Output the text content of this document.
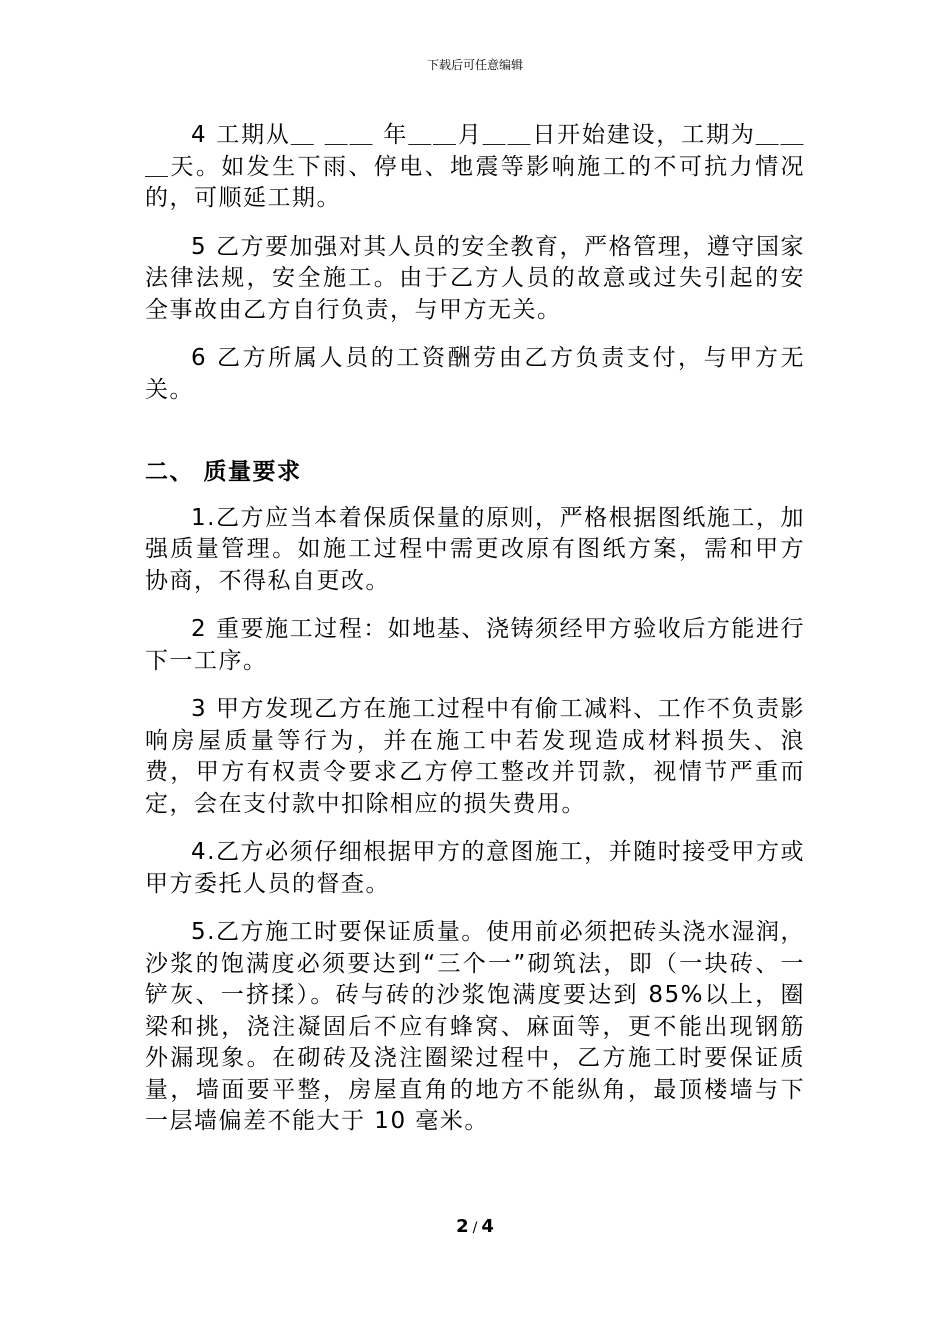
下载后可任意编辑

4 工期从＿ ＿＿ 年＿＿月＿＿日开始建设，工期为＿＿＿天。如发生下雨、停电、地震等影响施工的不可抗力情况的，可顺延工期。

5 乙方要加强对其人员的安全教育，严格管理，遵守国家法律法规，安全施工。由于乙方人员的故意或过失引起的安全事故由乙方自行负责，与甲方无关。

6 乙方所属人员的工资酬劳由乙方负责支付，与甲方无关。

二、 质量要求

1.乙方应当本着保质保量的原则，严格根据图纸施工，加强质量管理。如施工过程中需更改原有图纸方案，需和甲方协商，不得私自更改。

2 重要施工过程：如地基、浇铸须经甲方验收后方能进行下一工序。

3 甲方发现乙方在施工过程中有偷工减料、工作不负责影响房屋质量等行为，并在施工中若发现造成材料损失、浪费，甲方有权责令要求乙方停工整改并罚款，视情节严重而定，会在支付款中扣除相应的损失费用。

4.乙方必须仔细根据甲方的意图施工，并随时接受甲方或甲方委托人员的督查。

5.乙方施工时要保证质量。使用前必须把砖头浇水湿润， 沙浆的饱满度必须要达到“三个一”砌筑法，即（一块砖、一铲灰、一挤揉）。砖与砖的沙浆饱满度要达到 85%以上，圈梁和挑，浇注凝固后不应有蜂窝、麻面等，更不能出现钢筋外漏现象。在砌砖及浇注圈梁过程中，乙方施工时要保证质量，墙面要平整，房屋直角的地方不能纵角，最顶楼墙与下一层墙偏差不能大于 10 毫米。

2 / 4
